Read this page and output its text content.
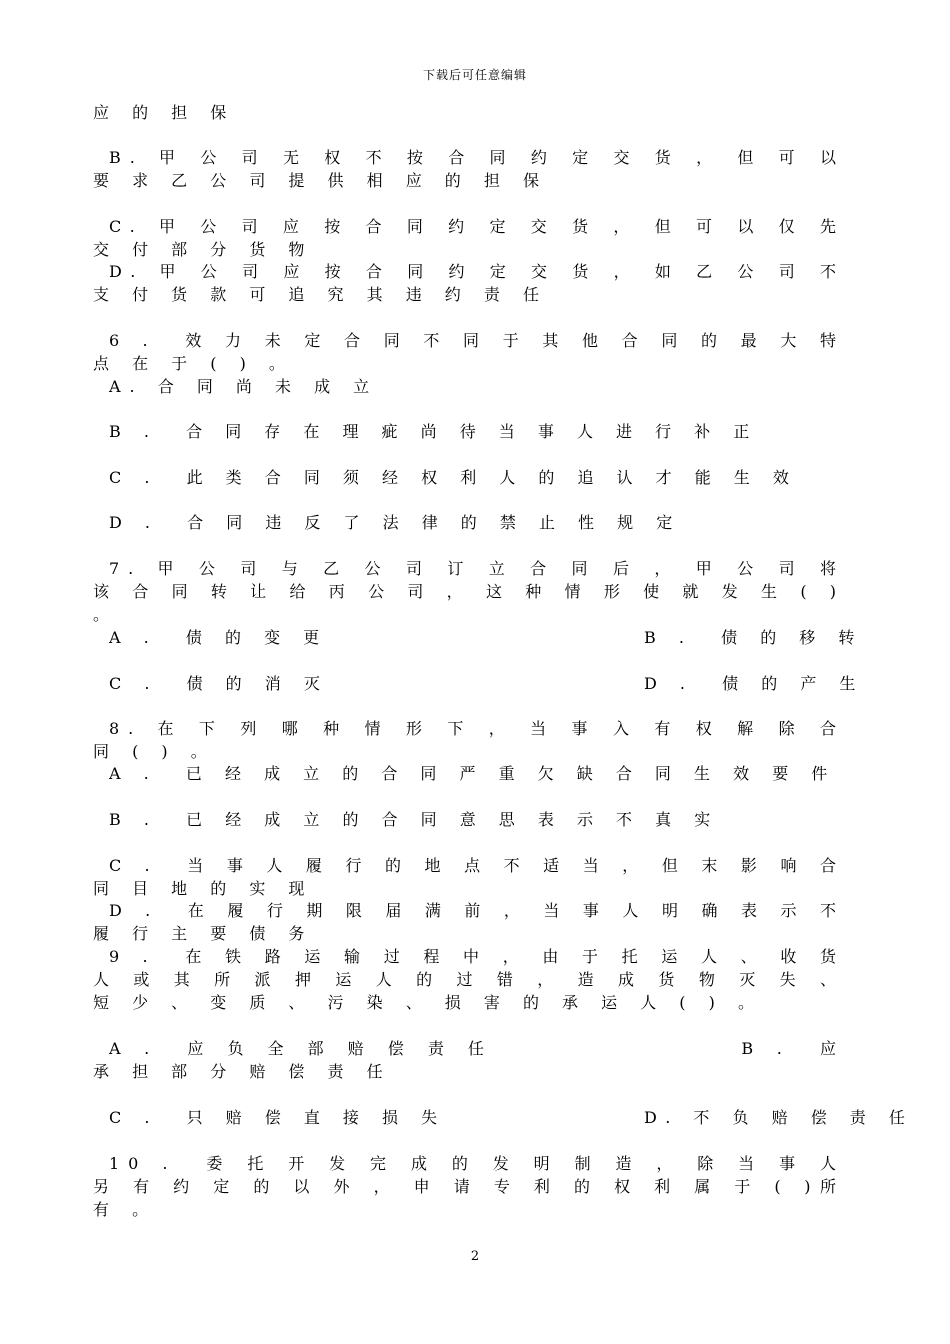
下载后可任意编辑
应 的 担 保
B. 甲 公 司 无 权 不 按 合 同 约 定 交 货 ， 但 可 以 要 求 乙 公 司 提 供 相 应 的 担 保
C. 甲 公 司 应 按 合 同 约 定 交 货 ， 但 可 以 仅 先 交 付 部 分 货 物
D. 甲 公 司 应 按 合 同 约 定 交 货 ， 如 乙 公 司 不 支 付 货 款 可 追 究 其 违 约 责 任
6 .  效 力 未 定 合 同 不 同 于 其 他 合 同 的 最 大 特 点 在 于 ( ) 。
A. 合 同 尚 未 成 立
B .  合 同 存 在 理 疵 尚 待 当 事 人 进 行 补 正
C .  此 类 合 同 须 经 权 利 人 的 追 认 才 能 生 效
D .  合 同 违 反 了 法 律 的 禁 止 性 规 定
7. 甲 公 司 与 乙 公 司 订 立 合 同 后 ， 甲 公 司 将 该 合 同 转 让 给 丙 公 司 ， 这 种 情 形 使 就 发 生 ( ) 。
A .  债 的 变 更	B .  债 的 移 转
C .  债 的 消 灭	D .  债 的 产 生
8. 在 下 列 哪 种 情 形 下 ， 当 事 入 有 权 解 除 合 同 ( ) 。
A .  已 经 成 立 的 合 同 严 重 欠 缺 合 同 生 效 要 件
B .  已 经 成 立 的 合 同 意 思 表 示 不 真 实
C .  当 事 人 履 行 的 地 点 不 适 当 ， 但 末 影 响 合 同 目 地 的 实 现
D .  在 履 行 期 限 届 满 前 ， 当 事 人 明 确 表 示 不 履 行 主 要 债 务
9 .  在 铁 路 运 输 过 程 中 ， 由 于 托 运 人 、 收 货 人 或 其 所 派 押 运 人 的 过 错 ， 造 成 货 物 灭 失 、 短 少 、 变 质 、 污 染 、 损 害 的 承 运 人 ( ) 。
A .  应 负 全 部 赔 偿 责 任	B .  应 承 担 部 分 赔 偿 责 任
C .  只 赔 偿 直 接 损 失	D. 不 负 赔 偿 责 任
10 .  委 托 开 发 完 成 的 发 明 制 造 ， 除 当 事 人 另 有 约 定 的 以 外 ， 申 请 专 利 的 权 利 属 于 ( )所 有 。
2
